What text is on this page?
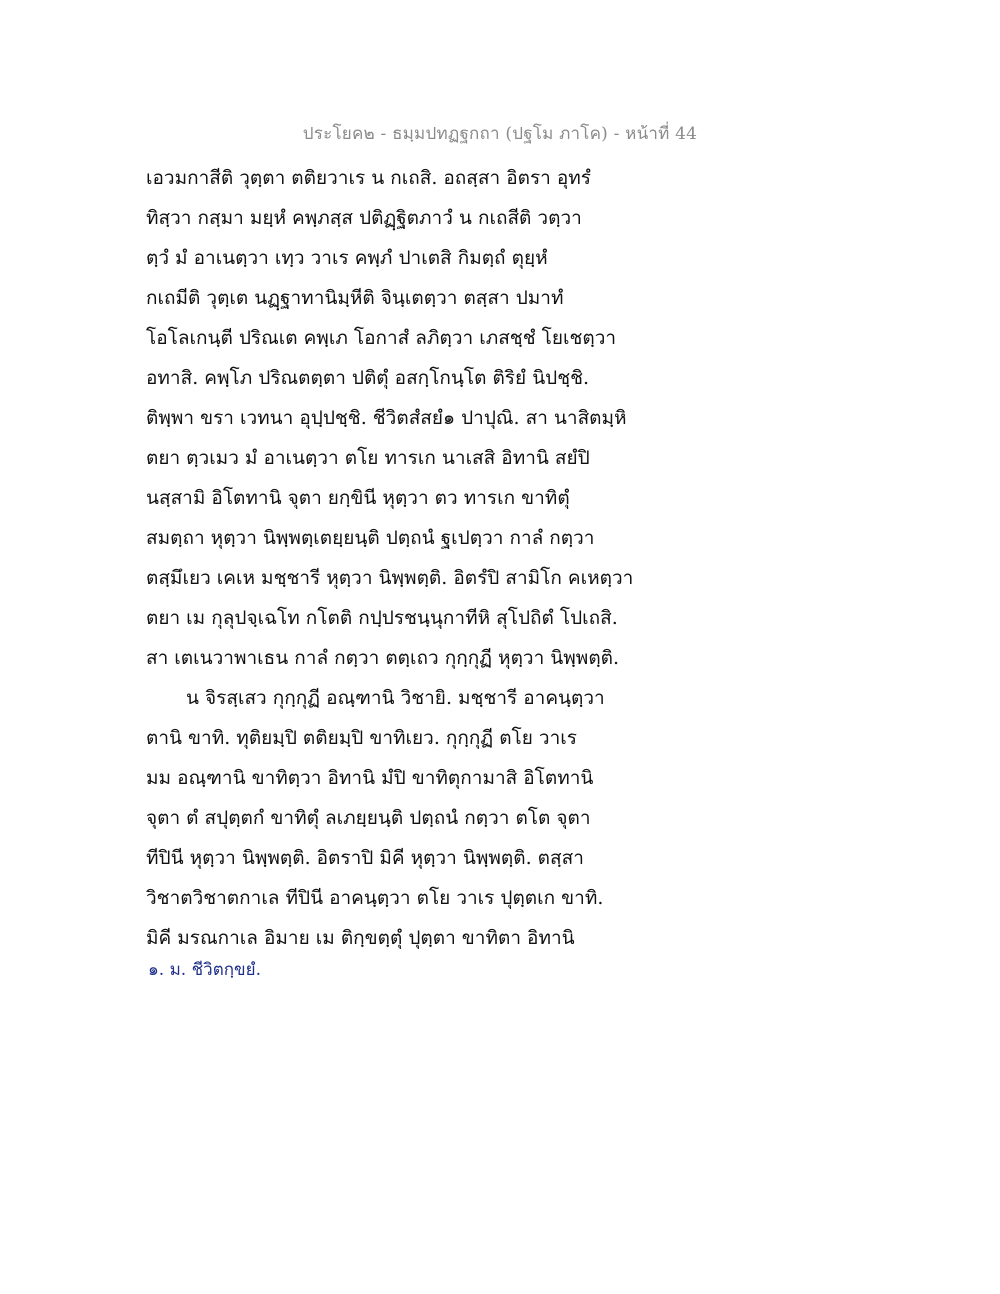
ประโยค๒ - ธมฺมปทฏฐกถา (ปฐโม ภาโค) - หน้าที่ 44
เอวมกาสีติ วุตฺตา ตติยวาเร น กเถสิ. อถสฺสา อิตรา อุทรํ
ทิสฺวา กสฺมา มยฺหํ คพฺภสฺส ปติฏฺฐิตภาวํ น กเถสีติ วตฺวา
ตฺวํ มํ อาเนตฺวา เทฺว วาเร คพฺภํ ปาเตสิ กิมตฺถํ ตุยฺหํ
กเถมีติ วุตฺเต นฏฺฐาทานิมฺหีติ จินฺเตตฺวา ตสฺสา ปมาทํ
โอโลเกนฺตี ปริณเต คพฺเภ โอกาสํ ลภิตฺวา เภสชฺชํ โยเชตฺวา
อทาสิ. คพฺโภ ปริณตตฺตา ปติตุํ อสกฺโกนฺโต ติริยํ นิปชฺชิ.
ติพฺพา ขรา เวทนา อุปฺปชฺชิ. ชีวิตสํสยํ๑ ปาปุณิ. สา นาสิตมฺหิ
ตยา ตฺวเมว มํ อาเนตฺวา ตโย ทารเก นาเสสิ อิทานิ สยํปิ
นสฺสามิ อิโตทานิ จุตา ยกฺขินี หุตฺวา ตว ทารเก ขาทิตุํ
สมตฺถา หุตฺวา นิพฺพตฺเตยฺยนฺติ ปตฺถนํ ฐเปตฺวา กาลํ กตฺวา
ตสฺมึเยว เคเห มชฺชารี หุตฺวา นิพฺพตฺติ. อิตรํปิ สามิโก คเหตฺวา
ตยา เม กุลุปจฺเฉโท กโตติ กปฺปรชนฺนุกาทีหิ สุโปถิตํ โปเถสิ.
สา เตเนวาพาเธน กาลํ กตฺวา ตตฺเถว กุกฺกุฏี หุตฺวา นิพฺพตฺติ.
น จิรสฺเสว กุกฺกุฏี อณฺฑานิ วิชายิ. มชฺชารี อาคนฺตฺวา
ตานิ ขาทิ. ทุติยมฺปิ ตติยมฺปิ ขาทิเยว. กุกฺกุฏี ตโย วาเร
มม อณฺฑานิ ขาทิตฺวา อิทานิ มํปิ ขาทิตุกามาสิ อิโตทานิ
จุตา ตํ สปุตฺตกํ ขาทิตุํ ลเภยฺยนฺติ ปตฺถนํ กตฺวา ตโต จุตา
ทีปินี หุตฺวา นิพฺพตฺติ. อิตราปิ มิคี หุตฺวา นิพฺพตฺติ. ตสฺสา
วิชาตวิชาตกาเล ทีปินี อาคนฺตฺวา ตโย วาเร ปุตฺตเก ขาทิ.
มิคี มรณกาเล อิมาย เม ติกฺขตฺตุํ ปุตฺตา ขาทิตา อิทานิ
๑. ม. ชีวิตกฺขยํ.
